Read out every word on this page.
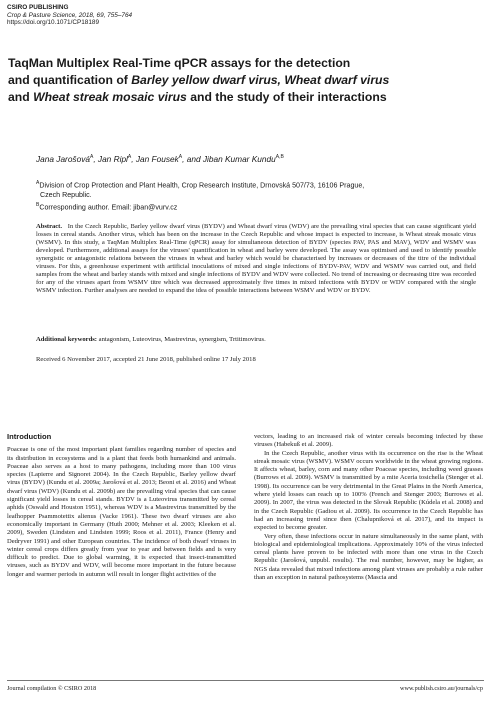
CSIRO PUBLISHING
Crop & Pasture Science, 2018, 69, 755–764
https://doi.org/10.1071/CP18189
TaqMan Multiplex Real-Time qPCR assays for the detection
and quantification of Barley yellow dwarf virus, Wheat dwarf virus
and Wheat streak mosaic virus and the study of their interactions
Jana Jarošová$^A$, Jan Ripl$^A$, Jan Fousek$^A$, and Jiban Kumar Kundu$^{A,B}$
$^A$Division of Crop Protection and Plant Health, Crop Research Institute, Drnovská 507/73, 16106 Prague,
Czech Republic.
$^B$Corresponding author. Email: jiban@vurv.cz
Abstract. In the Czech Republic, Barley yellow dwarf virus (BYDV) and Wheat dwarf virus (WDV) are the prevailing viral species that can cause significant yield losses in cereal stands. Another virus, which has been on the increase in the Czech Republic and whose impact is expected to increase, is Wheat streak mosaic virus (WSMV). In this study, a TaqMan Multiplex Real-Time (qPCR) assay for simultaneous detection of BYDV (species PAV, PAS and MAV), WDV and WSMV was developed. Furthermore, additional assays for the viruses' quantification in wheat and barley were developed. The assay was optimised and used to identify possible synergistic or antagonistic relations between the viruses in wheat and barley which would be characterised by increases or decreases of the titre of the individual viruses. For this, a greenhouse experiment with artificial inoculations of mixed and single infections of BYDV-PAV, WDV and WSMV was carried out, and field samples from the wheat and barley stands with mixed and single infections of BYDV and WDV were collected. No trend of increasing or decreasing titre was recorded for any of the viruses apart from WSMV titre which was decreased approximately five times in mixed infections with BYDV or WDV compared with the single WSMV infection. Further analyses are needed to expand the idea of possible interactions between WSMV and WDV or BYDV.
Additional keywords: antagonism, Luteovirus, Mastrevirus, synergism, Trtitimovirus.
Received 6 November 2017, accepted 21 June 2018, published online 17 July 2018
Introduction

Poaceae is one of the most important plant families regarding number of species and its distribution in ecosystems and is a plant that feeds both humankind and animals. Poaceae also serves as a host to many pathogens, including more than 100 virus species (Lapierre and Signoret 2004). In the Czech Republic, Barley yellow dwarf virus (BYDV) (Kundu et al. 2009a; Jarošová et al. 2013; Beoni et al. 2016) and Wheat dwarf virus (WDV) (Kundu et al. 2009b) are the prevailing viral species that can cause significant yield losses in cereal stands. BYDV is a Luteovirus transmitted by cereal aphids (Oswald and Houston 1951), whereas WDV is a Mastrevirus transmitted by the leafhopper Psammotettix alienus (Vacke 1961). These two dwarf viruses are also economically important in Germany (Huth 2000; Mehner et al. 2003; Kleeken et al. 2009), Sweden (Lindsten and Lindsten 1999; Roos et al. 2011), France (Henry and Dedryver 1991) and other European countries. The incidence of both dwarf viruses in winter cereal crops differs greatly from year to year and between fields and is very difficult to predict. Due to global warming, it is expected that insect-transmitted viruses, such as BYDV and WDV, will become more important in the future because longer and warmer periods in autumn will result in longer flight activities of the

vectors, leading to an increased risk of winter cereals becoming infected by these viruses (Habekuß et al. 2009).

In the Czech Republic, another virus with its occurrence on the rise is the Wheat streak mosaic virus (WSMV). WSMV occurs worldwide in the wheat growing regions. It affects wheat, barley, corn and many other Poaceae species, including weed grasses (Burrows et al. 2009). WSMV is transmitted by a mite Aceria tosichella (Stenger et al. 1998). Its occurrence can be very detrimental in the Great Plains in the North America, where yield losses can reach up to 100% (French and Stenger 2003; Burrows et al. 2009). In 2007, the virus was detected in the Slovak Republic (Kúdela et al. 2008) and in the Czech Republic (Gadiou et al. 2009). Its occurrence in the Czech Republic has had an increasing trend since then (Chalupniková et al. 2017), and its impact is expected to become greater.

Very often, these infections occur in nature simultaneously in the same plant, with biological and epidemiological implications. Approximately 10% of the virus infected cereal plants have proven to be infected with more than one virus in the Czech Republic (Jarošová, unpubl. results). The real number, however, may be higher, as NGS data revealed that mixed infections among plant viruses are probably a rule rather than an exception in natural pathosystems (Mascia and

Journal compilation © CSIRO 2018	www.publish.csiro.au/journals/cp
